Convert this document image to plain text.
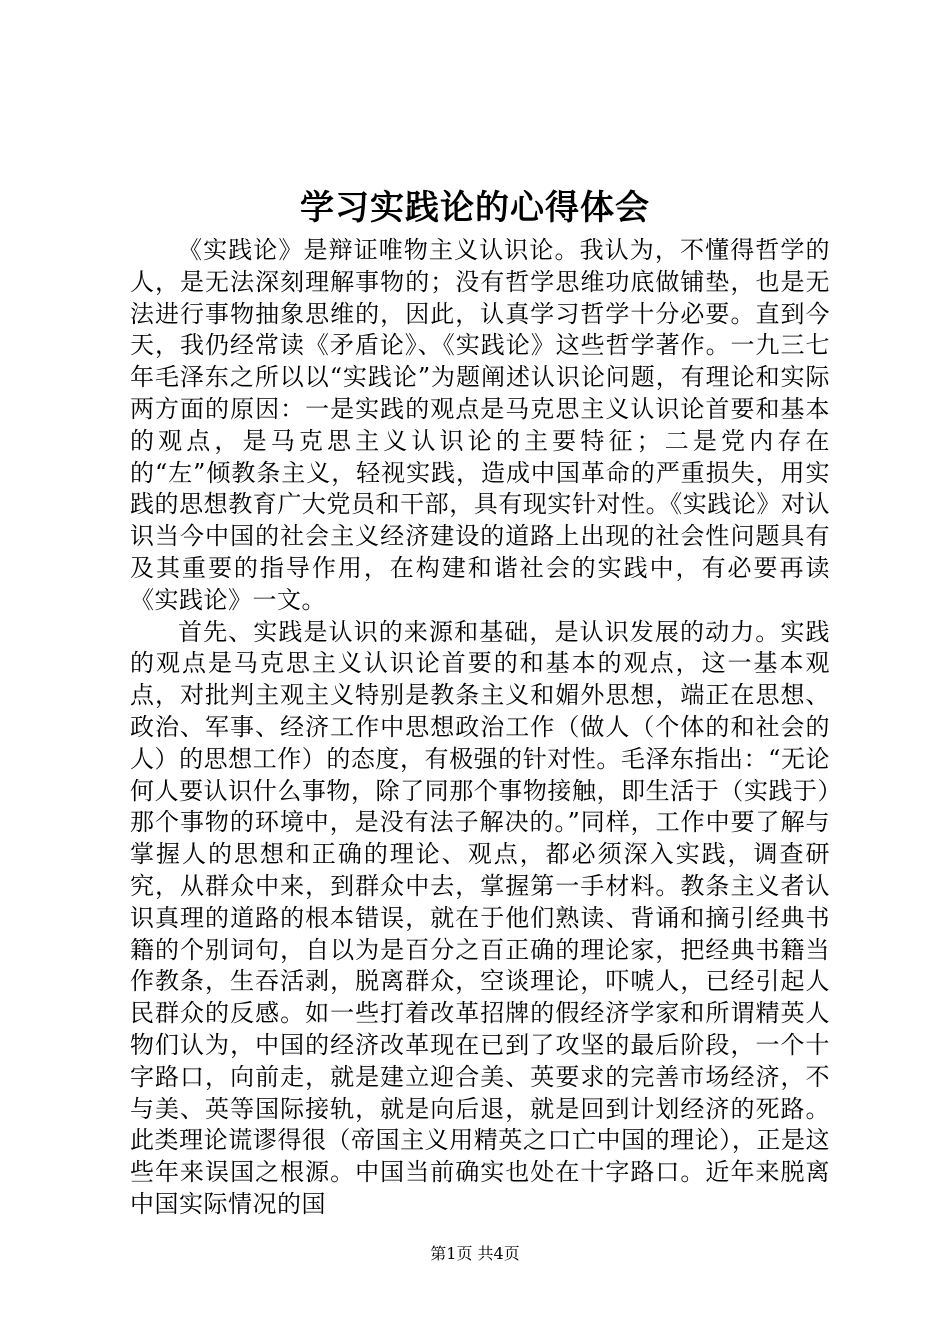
学习实践论的心得体会

《实践论》是辩证唯物主义认识论。我认为，不懂得哲学的人，是无法深刻理解事物的；没有哲学思维功底做铺垫，也是无法进行事物抽象思维的，因此，认真学习哲学十分必要。直到今天，我仍经常读《矛盾论》、《实践论》这些哲学著作。一九三七年毛泽东之所以以“实践论”为题阐述认识论问题，有理论和实际两方面的原因：一是实践的观点是马克思主义认识论首要和基本的观点，是马克思主义认识论的主要特征；二是党内存在的“左”倾教条主义，轻视实践，造成中国革命的严重损失，用实践的思想教育广大党员和干部，具有现实针对性。《实践论》对认识当今中国的社会主义经济建设的道路上出现的社会性问题具有及其重要的指导作用，在构建和谐社会的实践中，有必要再读《实践论》一文。

首先、实践是认识的来源和基础，是认识发展的动力。实践的观点是马克思主义认识论首要的和基本的观点，这一基本观点，对批判主观主义特别是教条主义和媚外思想，端正在思想、政治、军事、经济工作中思想政治工作（做人（个体的和社会的人）的思想工作）的态度，有极强的针对性。毛泽东指出：“无论何人要认识什么事物，除了同那个事物接触，即生活于（实践于）那个事物的环境中，是没有法子解决的。”同样，工作中要了解与掌握人的思想和正确的理论、观点，都必须深入实践，调查研究，从群众中来，到群众中去，掌握第一手材料。教条主义者认识真理的道路的根本错误，就在于他们熟读、背诵和摘引经典书籍的个别词句，自以为是百分之百正确的理论家，把经典书籍当作教条，生吞活剥，脱离群众，空谈理论，吓唬人，已经引起人民群众的反感。如一些打着改革招牌的假经济学家和所谓精英人物们认为，中国的经济改革现在已到了攻坚的最后阶段，一个十字路口，向前走，就是建立迎合美、英要求的完善市场经济，不与美、英等国际接轨，就是向后退，就是回到计划经济的死路。此类理论谎谬得很（帝国主义用精英之口亡中国的理论），正是这些年来误国之根源。中国当前确实也处在十字路口。近年来脱离中国实际情况的国

第1页 共4页
